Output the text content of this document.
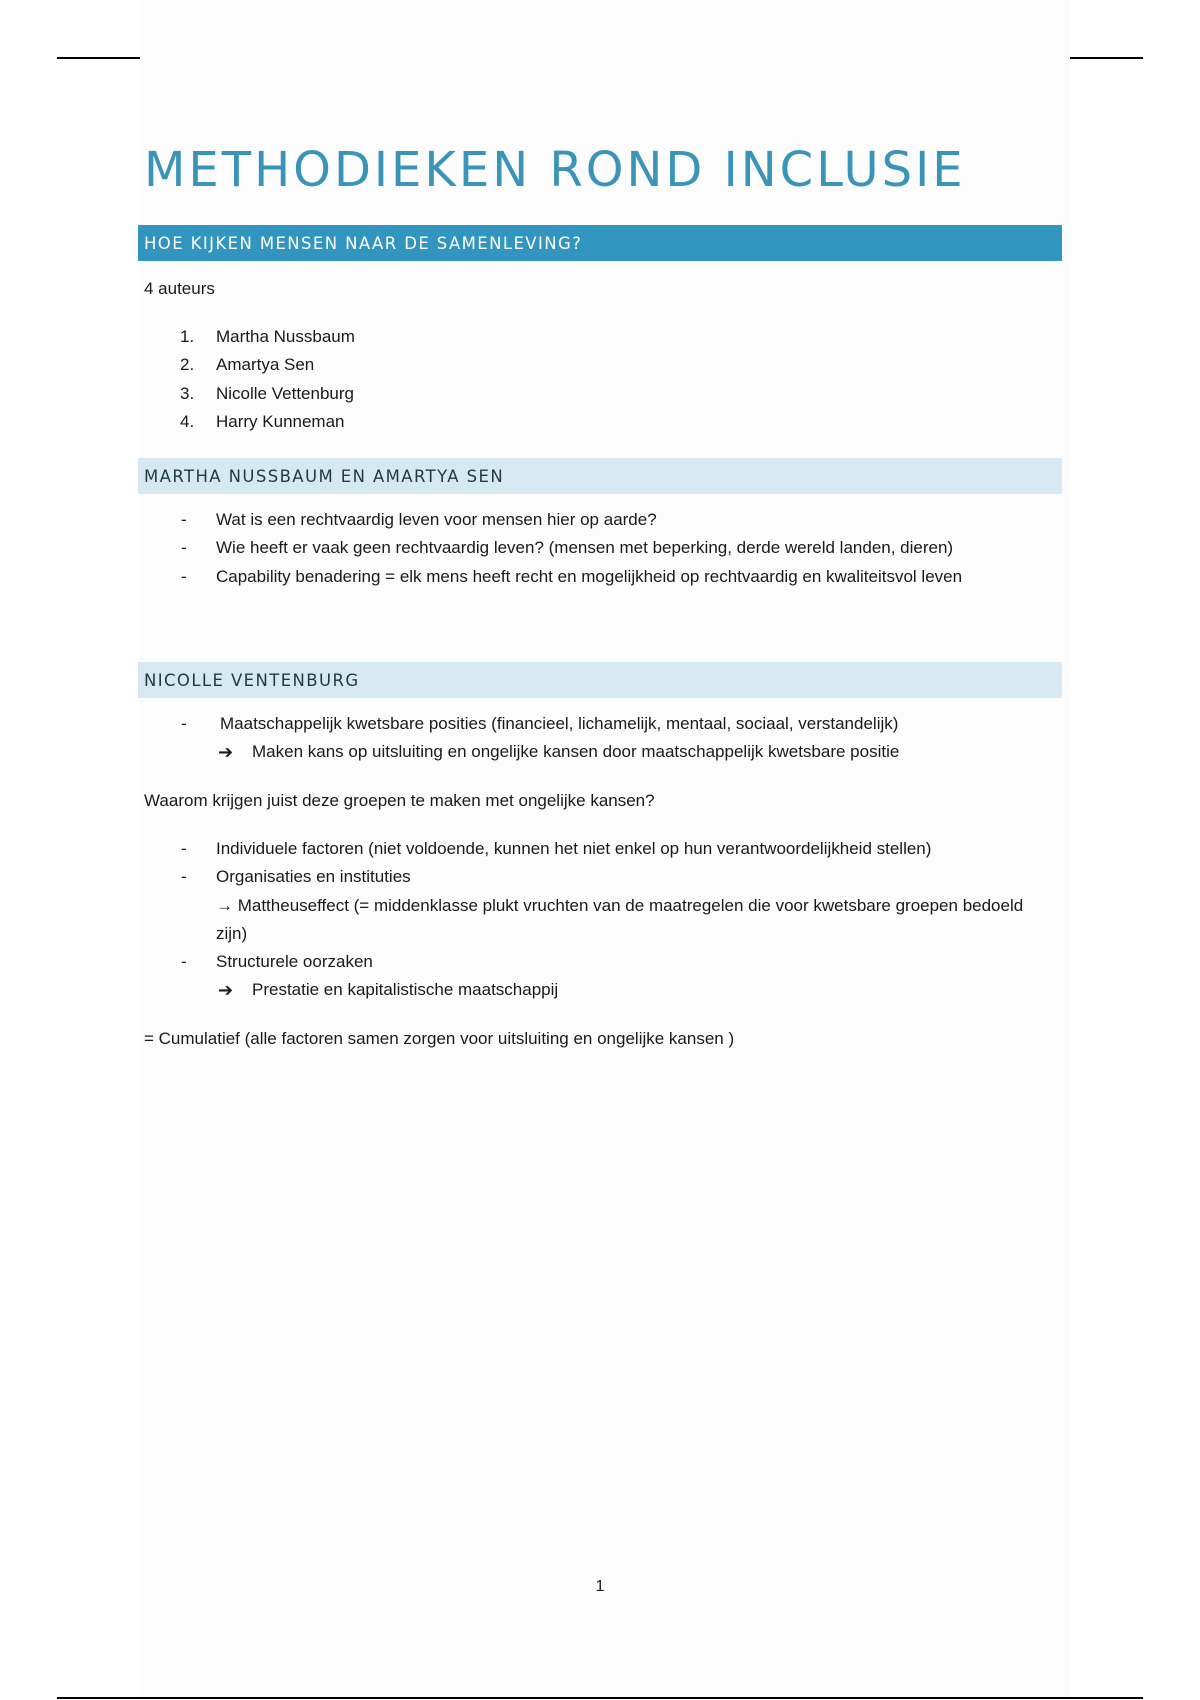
METHODIEKEN ROND INCLUSIE
HOE KIJKEN MENSEN NAAR DE SAMENLEVING?

4 auteurs

1.	Martha Nussbaum
2.	Amartya Sen
3.	Nicolle Vettenburg
4.	Harry Kunneman
MARTHA NUSSBAUM EN AMARTYA SEN
-	Wat is een rechtvaardig leven voor mensen hier op aarde?
-	Wie heeft er vaak geen rechtvaardig leven? (mensen met beperking, derde wereld landen, dieren)
-	Capability benadering = elk mens heeft recht en mogelijkheid op rechtvaardig en kwaliteitsvol leven
NICOLLE VENTENBURG
-	Maatschappelijk kwetsbare posities (financieel, lichamelijk, mentaal, sociaal, verstandelijk)
➔ Maken kans op uitsluiting en ongelijke kansen door maatschappelijk kwetsbare positie

Waarom krijgen juist deze groepen te maken met ongelijke kansen?

-	Individuele factoren (niet voldoende, kunnen het niet enkel op hun verantwoordelijkheid stellen)
-	Organisaties en instituties
→ Mattheuseffect (= middenklasse plukt vruchten van de maatregelen die voor kwetsbare groepen bedoeld zijn)
-	Structurele oorzaken
➔ Prestatie en kapitalistische maatschappij

= Cumulatief (alle factoren samen zorgen voor uitsluiting en ongelijke kansen )

1
